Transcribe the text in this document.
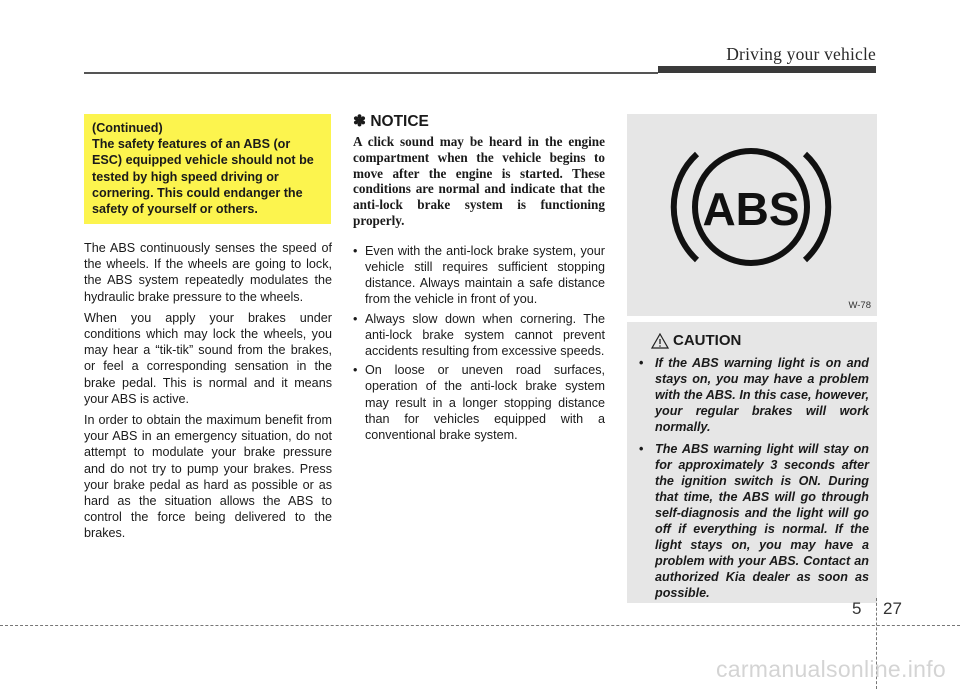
Driving your vehicle

(Continued)

The safety features of an ABS (or ESC) equipped vehicle should not be tested by high speed driving or cornering. This could endanger the safety of yourself or others.

The ABS continuously senses the speed of the wheels. If the wheels are going to lock, the ABS system repeatedly modulates the hydraulic brake pressure to the wheels.

When you apply your brakes under conditions which may lock the wheels, you may hear a “tik-tik” sound from the brakes, or feel a corresponding sensation in the brake pedal. This is normal and it means your ABS is active.

In order to obtain the maximum benefit from your ABS in an emergency situation, do not attempt to modulate your brake pressure and do not try to pump your brakes. Press your brake pedal as hard as possible or as hard as the situation allows the ABS to control the force being delivered to the brakes.

✽ NOTICE

A click sound may be heard in the engine compartment when the vehicle begins to move after the engine is started. These conditions are normal and indicate that the anti-lock brake system is functioning properly.

• Even with the anti-lock brake system, your vehicle still requires sufficient stopping distance. Always maintain a safe distance from the vehicle in front of you.
• Always slow down when cornering. The anti-lock brake system cannot prevent accidents resulting from excessive speeds.
• On loose or uneven road surfaces, operation of the anti-lock brake system may result in a longer stopping distance than for vehicles equipped with a conventional brake system.
ABS
W-78
CAUTION
• If the ABS warning light is on and stays on, you may have a problem with the ABS. In this case, however, your regular brakes will work normally.
• The ABS warning light will stay on for approximately 3 seconds after the ignition switch is ON. During that time, the ABS will go through self-diagnosis and the light will go off if everything is normal. If the light stays on, you may have a problem with your ABS. Contact an authorized Kia dealer as soon as possible.
5 27
carmanualsonline.info
